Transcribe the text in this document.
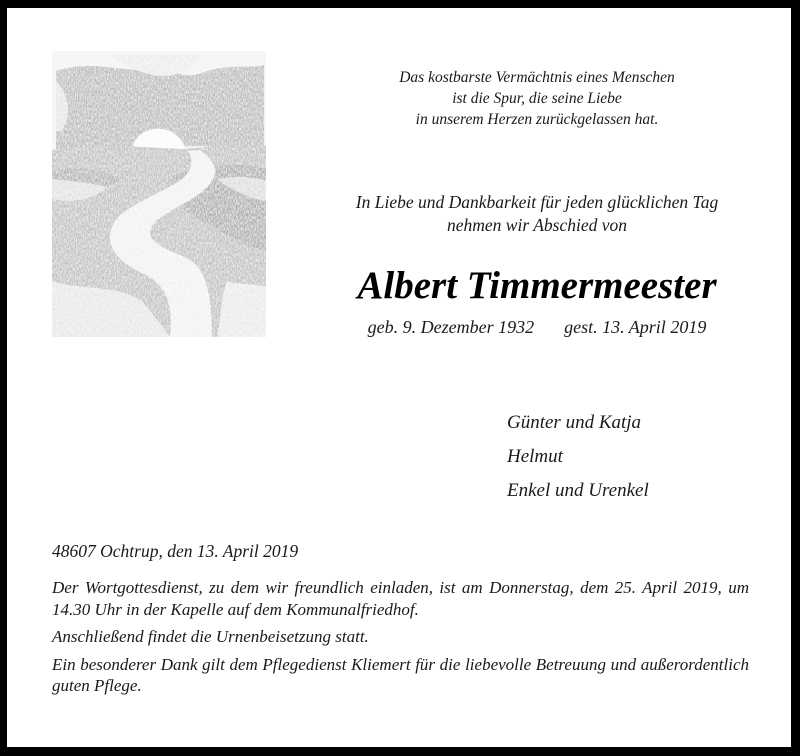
Das kostbarste Vermächtnis eines Menschen
ist die Spur, die seine Liebe
in unserem Herzen zurückgelassen hat.
In Liebe und Dankbarkeit für jeden glücklichen Tag
nehmen wir Abschied von
Albert Timmermeester
geb. 9. Dezember 1932 gest. 13. April 2019
Günter und Katja
Helmut
Enkel und Urenkel
48607 Ochtrup, den 13. April 2019

Der Wortgottesdienst, zu dem wir freundlich einladen, ist am Donnerstag, dem 25. April 2019, um 14.30 Uhr in der Kapelle auf dem Kommunalfriedhof.

Anschließend findet die Urnenbeisetzung statt.

Ein besonderer Dank gilt dem Pflegedienst Kliemert für die liebevolle Betreuung und außerordentlich guten Pflege.
